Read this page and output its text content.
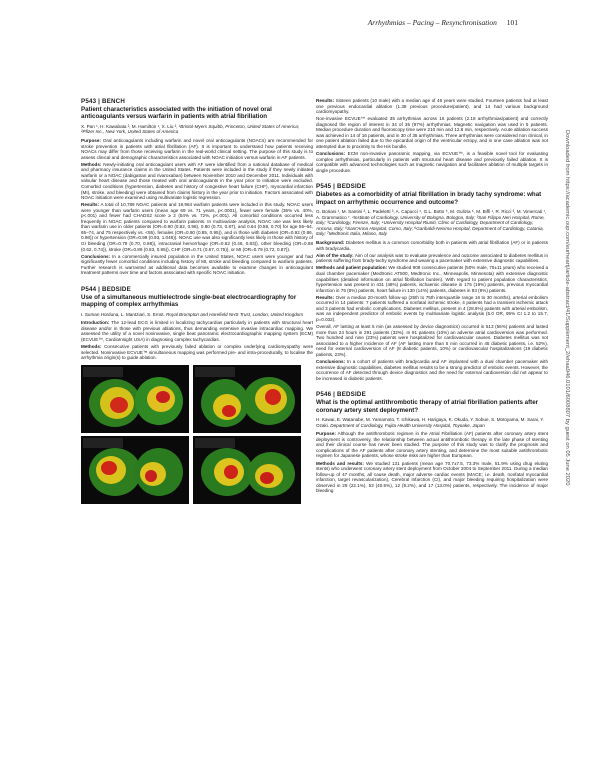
Arrhythmias – Pacing – Resynchronisation 101
Downloaded from https://academic.oup.com/eurheartj/article-abstract/41/Supplement_2/ehaa946.0101/6008807 by guest on 05 June 2020
P543 | BENCH
Patient characteristics associated with the initiation of novel oral anticoagulants versus warfarin in patients with atrial fibrillation
X. Pan ¹, H. Kawabata ², M. Hamilton ¹, X. Liu ², ¹Bristol-Myers Squibb, Princeton, United States of America; ²Pfizer Inc., New York, United States of America

Purpose: Oral anticoagulants including warfarin and novel oral anticoagulants (NOACs) are recommended for stroke prevention in patients with atrial fibrillation (AF). It is important to understand how patients receiving NOACs may differ from those receiving warfarin in the real-world clinical setting. The purpose of this study is to assess clinical and demographic characteristics associated with NOAC initiation versus warfarin in AF patients.

Methods: Newly-initiating oral anticoagulant users with AF were identified from a national database of medical and pharmacy insurance claims in the United States. Patients were included in the study if they newly initiated warfarin or a NOAC (dabigatran and rivaroxaban) between November 2010 and December 2011. Individuals with valvular heart disease and those treated with oral anticoagulants in the year prior to initiation were excluded. Comorbid conditions (hypertension, diabetes and history of congestive heart failure (CHF), myocardial infarction (MI), stroke, and bleeding) were obtained from claims history in the year prior to initiation. Factors associated with NOAC initiation were examined using multivariate logistic regression.

Results: A total of 10,789 NOAC patients and 19,964 warfarin patients were included in this study. NOAC users were younger than warfarin users (mean age 69 vs. 71 years, p<.0001), fewer were female (36% vs. 40%, p<.001) and fewer had CHADS2 score ≥ 2 (54% vs. 72%, p<.001). All comorbid conditions occurred less frequently in NOAC patients compared to warfarin patients. In multivariate analysis, NOAC use was less likely than warfarin use in older patients (OR=0.90 (0.82, 0.98), 0.80 (0.73, 0.87), and 0.64 (0.59, 0.70) for age 55–64, 65–74, and 75 respectively vs. <55), females (OR=0.90 (0.85, 0.95)), and in those with diabetes (OR=0.92 (0.86, 0.98)) or hypertension (OR=0.99 (0.93, 1.048)). NOAC use was also significantly less likely in those with history of GI bleeding (OR=0.79 (0.70, 0.88)), intracranial hemorrhage (OR=0.62 (0.46, 0.83)), other bleeding (OR=0.68 (0.62, 0.74)), stroke (OR=0.89 (0.83, 0.95)), CHF (OR=0.71 (0.67, 0.75)), or MI (OR=0.79 (0.72, 0.87)).

Conclusions: In a commercially insured population in the United States, NOAC users were younger and had significantly fewer comorbid conditions including history of MI, stroke and bleeding compared to warfarin patients. Further research is warranted as additional data becomes available to examine changes in anticoagulant treatment patterns over time and factors associated with specific NOAC initiation.

P544 | BEDSIDE
Use of a simultaneous multielectrode single-beat electrocardiography for mapping of complex arrhythmias
I. Suman Horduna, L. Mantziari, S. Ernst. Royal Brompton and Harefield NHS Trust, London, United Kingdom

Introduction: The 12-lead ECG is limited in localizing tachycardias particularly in patients with structural heart disease and/or in those with previous ablations, thus demanding extensive invasive intracardiac mapping. We assessed the utility of a novel noninvasive, single beat panoramic electrocardiographic mapping system (ECM) (ECVUE™, CardioInsight USA) in diagnosing complex tachycardias.

Methods: Consecutive patients with previously failed ablation or complex underlying cardiomyopathy were selected. Noninvasive ECVUE™ simultaneous mapping was performed pre- and intra-procedurally, to localise the arrhythmia origin(s) to guide ablation.

Results: Sixteen patients (10 male) with a median age of 46 years were studied. Fourteen patients had at least one previous endocardial ablation (1.38 previous procedure/patient), and 14 had various background cardiomyopathy.

Non-invasive ECVUE™ evaluated 35 arrhythmias across 16 patients (2.18 arrhythmias/patient) and correctly diagnosed the region of interest in 34 of 35 (97%) arrhythmias. Magnetic navigation was used in 5 patients. Median procedure duration and fluoroscopy time were 210 min and 12.8 min, respectively. Acute ablation success was achieved in 14 of 16 patients, and in 30 of 35 arrhythmias. Three arrhythmias were considered non clinical, in one patient ablation failed due to the epicardial origin of the ventricular ectopy, and in one case ablation was not attempted due to proximity to the His bundle.

Conclusions: ECM non-invasive panoramic mapping, via ECVUE™, is a feasible novel tool for evaluating complex arrhythmias, particularly in patients with structural heart disease and previously failed ablation. It is compatible with advanced technologies such as magnetic navigation and facilitates ablation of multiple targets in single procedure.

P545 | BEDSIDE
Diabetes as a comorbidity of atrial fibrillation in brady tachy syndrome: what impact on arrhythmic occurrence and outcome?
G. Boriani ¹, M. Santini ², L. Padeletti ³, A. Capucci ⁴, G.L. Botto ⁵, M. Gulizia ⁶, M. Biffi ¹, R. Ricci ², M. Vimercati ⁷, A. Grammatico ⁷. ¹Institute of Cardiology, University of Bologna, Bologna, Italy; ²San Filippo Neri Hospital, Rome, Italy; ³Cardiology, Firenze, Italy; ⁴University Hospital Riuniti, Clinic of Cardiology, Department of Cardiology, Ancona, Italy; ⁵Sant'Anna Hospital, Como, Italy; ⁶Garibaldi-Nesima Hospital, Department of Cardiology, Catania, Italy; ⁷Medtronic Italia, Milano, Italy

Background: Diabetes mellitus is a common comorbidity both in patients with atrial fibrillation (AF) or in patients with bradycardia.

Aim of the study: Aim of our analysis was to evaluate prevalence and outcome associated to diabetes mellitus in patients suffering from brady-tachy syndrome and wearing a pacemaker with extensive diagnostic capabilities.

Methods and patient population: We studied 908 consecutive patients (50% male, 70±11 years) who received a dual chamber pacemaker (Medtronic AT500, Medtronic Inc., Minneapolis, Minnesota) with extensive diagnostic capabilities (detailed information on atrial fibrillation burden). With regard to patient population characteristics, hypertension was present in 431 (48%) patients, ischaemic disease in 175 (19%) patients, previous myocardial infarction in 75 (8%) patients, heart failure in 130 (14%) patients, diabetes in 83 (9%) patients.

Results: Over a median 20-month follow-up (25th to 75th interquartile range 16 to 30 months), arterial embolism occurred in 14 patients: 7 patients suffered a nonfatal ischemic stroke, 4 patients had a transient ischemic attack and 3 patients had embolic complications. Diabetes mellitus, present in 4 (28.6%) patients with arterial embolism, was an independent predictor of embolic events by multivariate logistic analysis (5.0 OR, 95% CI 1.2 to 15.7, p=0.032).

Overall, AF lasting at least 5 min (as assessed by device diagnostics) occurred in 513 (56%) patients and lasted more than 24 hours in 291 patients (32%). In 91 patients (10%) an adverse atrial cardioversion was performed. Two hundred and nine (23%) patients were hospitalized for cardiovascular causes. Diabetes mellitus was not associated to a higher incidence of AF (AF lasting more than 5 min occurred in 45 diabetic patients, i.e. 52%), need for external cardioversion of AF (8 diabetic patients, 10%) or cardiovascular hospitalizations (19 diabetic patients, 23%).

Conclusions: In a cohort of patients with bradycardia and AF implanted with a dual chamber pacemaker with extensive diagnostic capabilities, diabetes mellitus results to be a strong predictor of embolic events. However, the occurrence of AF detected through device diagnostics and the need for external cardioversion did not appear to be increased in diabetic patients.

P546 | BEDSIDE
What is the optimal antithrombotic therapy of atrial fibrillation patients after coronary artery stent deployment?
H. Kawai, E. Watanabe, M. Yamamoto, T. Ichikawa, H. Harigaya, K. Okuda, Y. Sobue, S. Motoyama, M. Sarai, Y. Ozaki. Department of Cardiology, Fujita Health University Hospital, Toyoake, Japan

Purpose: Although the antithrombotic regimen in the Atrial Fibrillation (AF) patients after coronary artery stent deployment is controversy, the relationship between actual antithrombotic therapy in the late phase of stenting and their clinical course has never been studied. The purpose of this study was to clarify the prognosis and complications of the AF patients after coronary artery stenting, and determine the most suitable antithrombotic regimen for Japanese patients, whose stroke risks are higher than European.

Methods and results: We studied 131 patients (mean age 70.7±7.5, 73.3% male, 51.9% using drug eluting stents) who underwent coronary artery stent deployment from October 2004 to September 2011. During a median follow-up of 47 months, all cause death, major adverse cardiac events (MACE; i.e. death, nonfatal myocardial infarction, target revascularization), Cerebral Infarction (CI), and major bleeding requiring hospitalization were observed in 29 (22.1%), 53 (40.5%), 12 (9.2%), and 17 (13.0%) patients, respectively. The incidence of major bleeding
